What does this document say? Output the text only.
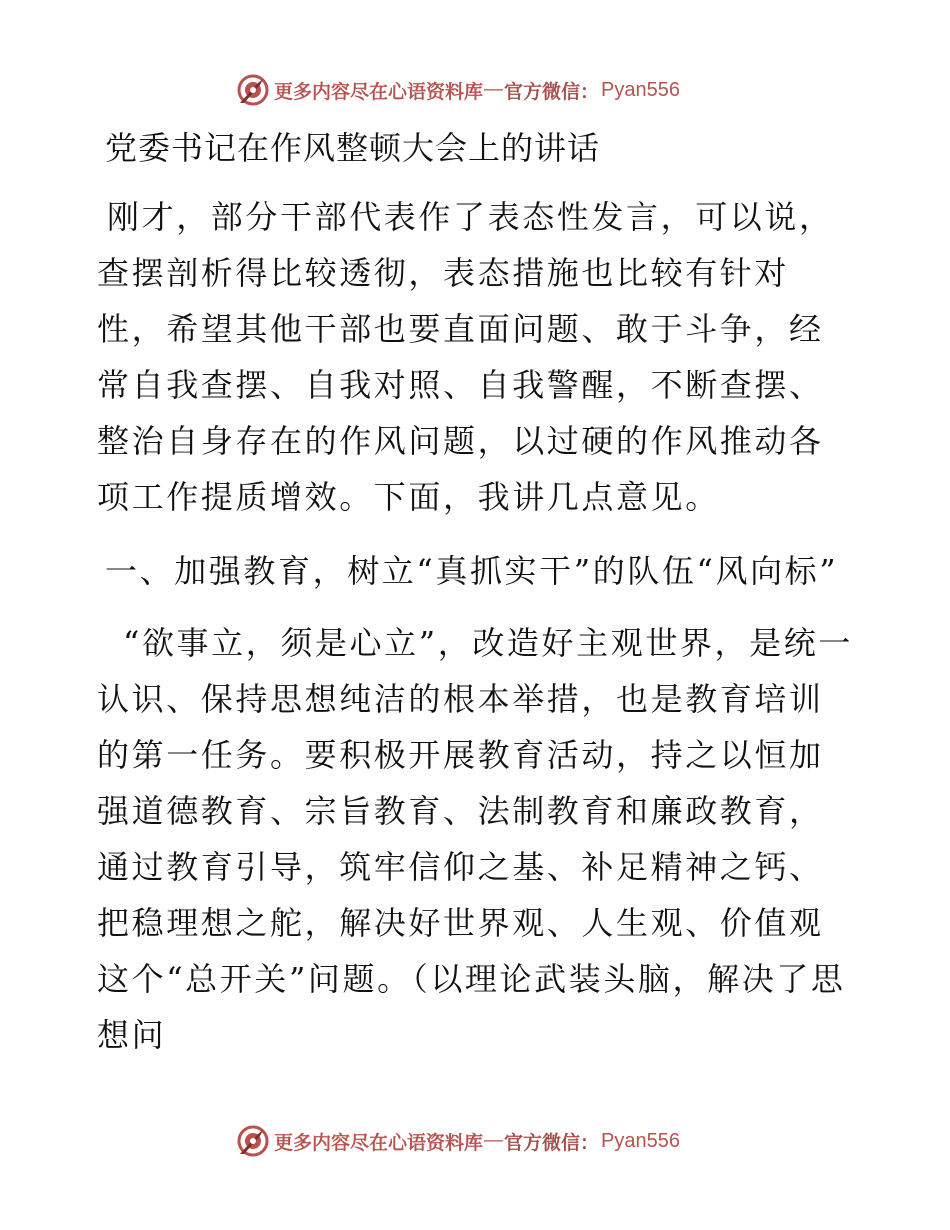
更多内容尽在心语资料库 — 官方微信： Pyan556
党委书记在作风整顿大会上的讲话

刚才，部分干部代表作了表态性发言，可以说，查摆剖析得比较透彻，表态措施也比较有针对性，希望其他干部也要直面问题、敢于斗争，经常自我查摆、自我对照、自我警醒，不断查摆、整治自身存在的作风问题，以过硬的作风推动各项工作提质增效。下面，我讲几点意见。

一、加强教育，树立“真抓实干”的队伍“风向标”

“欲事立，须是心立”，改造好主观世界，是统一认识、保持思想纯洁的根本举措，也是教育培训的第一任务。要积极开展教育活动，持之以恒加强道德教育、宗旨教育、法制教育和廉政教育，通过教育引导，筑牢信仰之基、补足精神之钙、把稳理想之舵，解决好世界观、人生观、价值观这个“总开关”问题。（以理论武装头脑，解决了思想问

更多内容尽在心语资料库 — 官方微信： Pyan556
